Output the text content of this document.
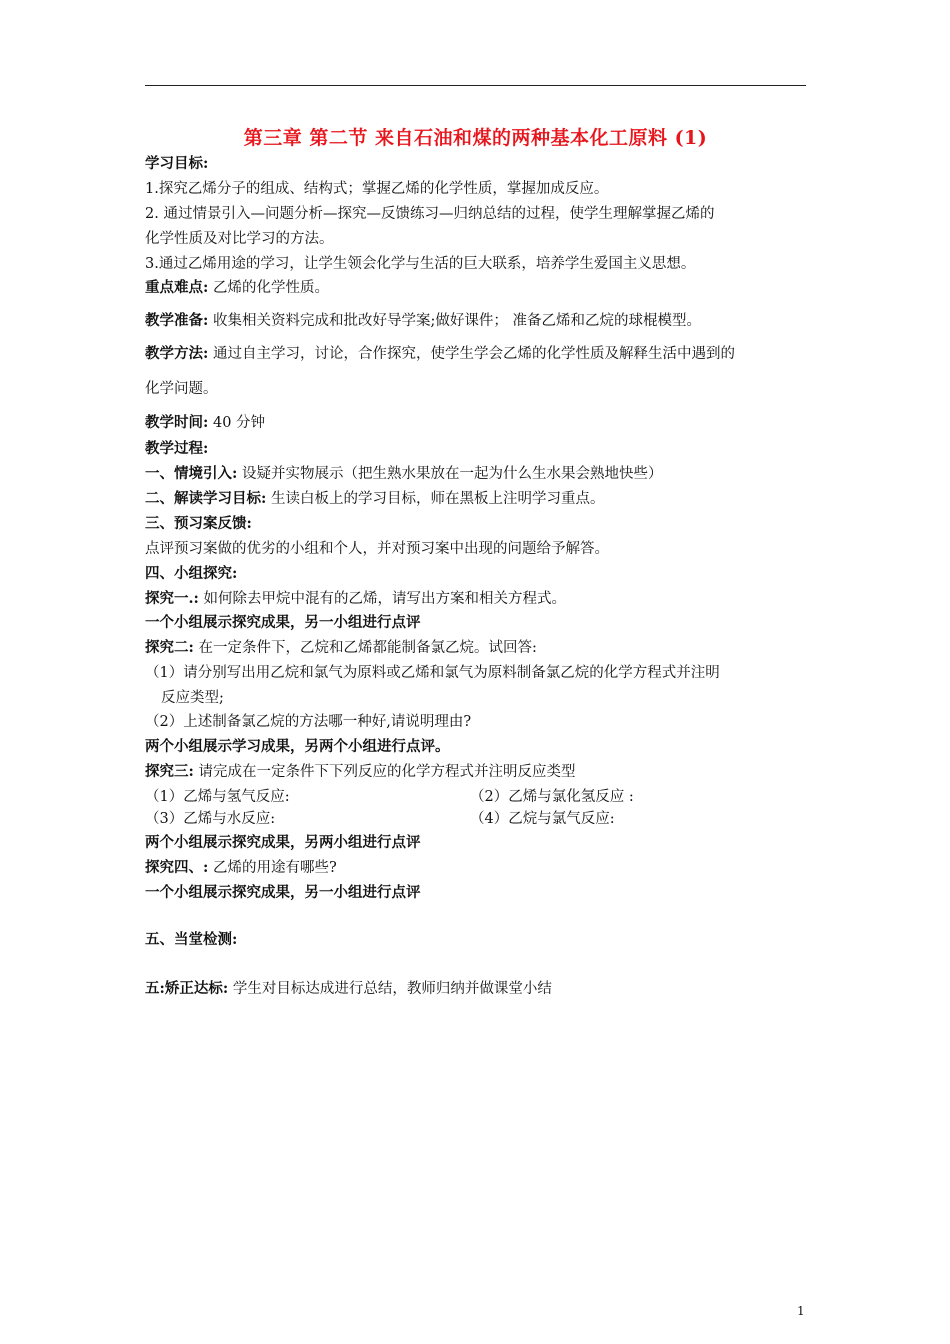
第三章 第二节 来自石油和煤的两种基本化工原料 (1)
学习目标:
1.探究乙烯分子的组成、结构式；掌握乙烯的化学性质，掌握加成反应。
2. 通过情景引入—问题分析—探究—反馈练习—归纳总结的过程，使学生理解掌握乙烯的
化学性质及对比学习的方法。
3.通过乙烯用途的学习，让学生领会化学与生活的巨大联系，培养学生爱国主义思想。
重点难点: 乙烯的化学性质。
教学准备: 收集相关资料完成和批改好导学案;做好课件； 准备乙烯和乙烷的球棍模型。
教学方法: 通过自主学习，讨论，合作探究，使学生学会乙烯的化学性质及解释生活中遇到的
化学问题。
教学时间: 40 分钟
教学过程:
一、情境引入: 设疑并实物展示（把生熟水果放在一起为什么生水果会熟地快些）
二、解读学习目标: 生读白板上的学习目标，师在黑板上注明学习重点。
三、预习案反馈:
点评预习案做的优劣的小组和个人，并对预习案中出现的问题给予解答。
四、小组探究:
探究一.: 如何除去甲烷中混有的乙烯，请写出方案和相关方程式。
一个小组展示探究成果，另一小组进行点评
探究二: 在一定条件下，乙烷和乙烯都能制备氯乙烷。试回答:
（1）请分别写出用乙烷和氯气为原料或乙烯和氯气为原料制备氯乙烷的化学方程式并注明
反应类型;
（2）上述制备氯乙烷的方法哪一种好,请说明理由?
两个小组展示学习成果，另两个小组进行点评。
探究三: 请完成在一定条件下下列反应的化学方程式并注明反应类型
（1）乙烯与氢气反应:	（2）乙烯与氯化氢反应 :
（3）乙烯与水反应:	（4）乙烷与氯气反应:
两个小组展示探究成果，另两小组进行点评
探究四、: 乙烯的用途有哪些?
一个小组展示探究成果，另一小组进行点评
五、当堂检测:
五:矫正达标: 学生对目标达成进行总结，教师归纳并做课堂小结
1
